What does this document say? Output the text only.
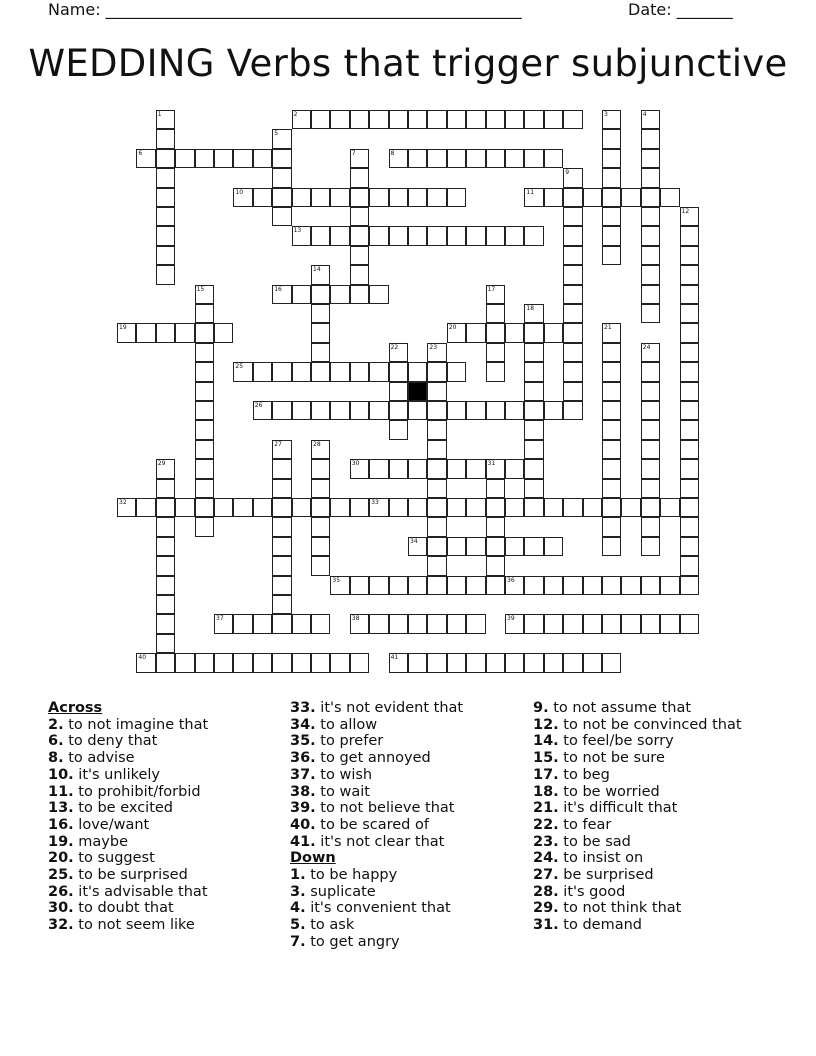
Name: ____________________________________________________	Date: _______
WEDDING Verbs that trigger subjunctive
1	2	3	4
5
6	7	8
9
10	11
12
13
14
15	16	17
18
19	20	21
22	23	24
25
26
27	28
29	30	31
32	33
34
35	36
37	38	39
40	41
Across
2. to not imagine that
6. to deny that
8. to advise
10. it's unlikely
11. to prohibit/forbid
13. to be excited
16. love/want
19. maybe
20. to suggest
25. to be surprised
26. it's advisable that
30. to doubt that
32. to not seem like
33. it's not evident that
34. to allow
35. to prefer
36. to get annoyed
37. to wish
38. to wait
39. to not believe that
40. to be scared of
41. it's not clear that
Down
1. to be happy
3. suplicate
4. it's convenient that
5. to ask
7. to get angry
9. to not assume that
12. to not be convinced that
14. to feel/be sorry
15. to not be sure
17. to beg
18. to be worried
21. it's difficult that
22. to fear
23. to be sad
24. to insist on
27. be surprised
28. it's good
29. to not think that
31. to demand
